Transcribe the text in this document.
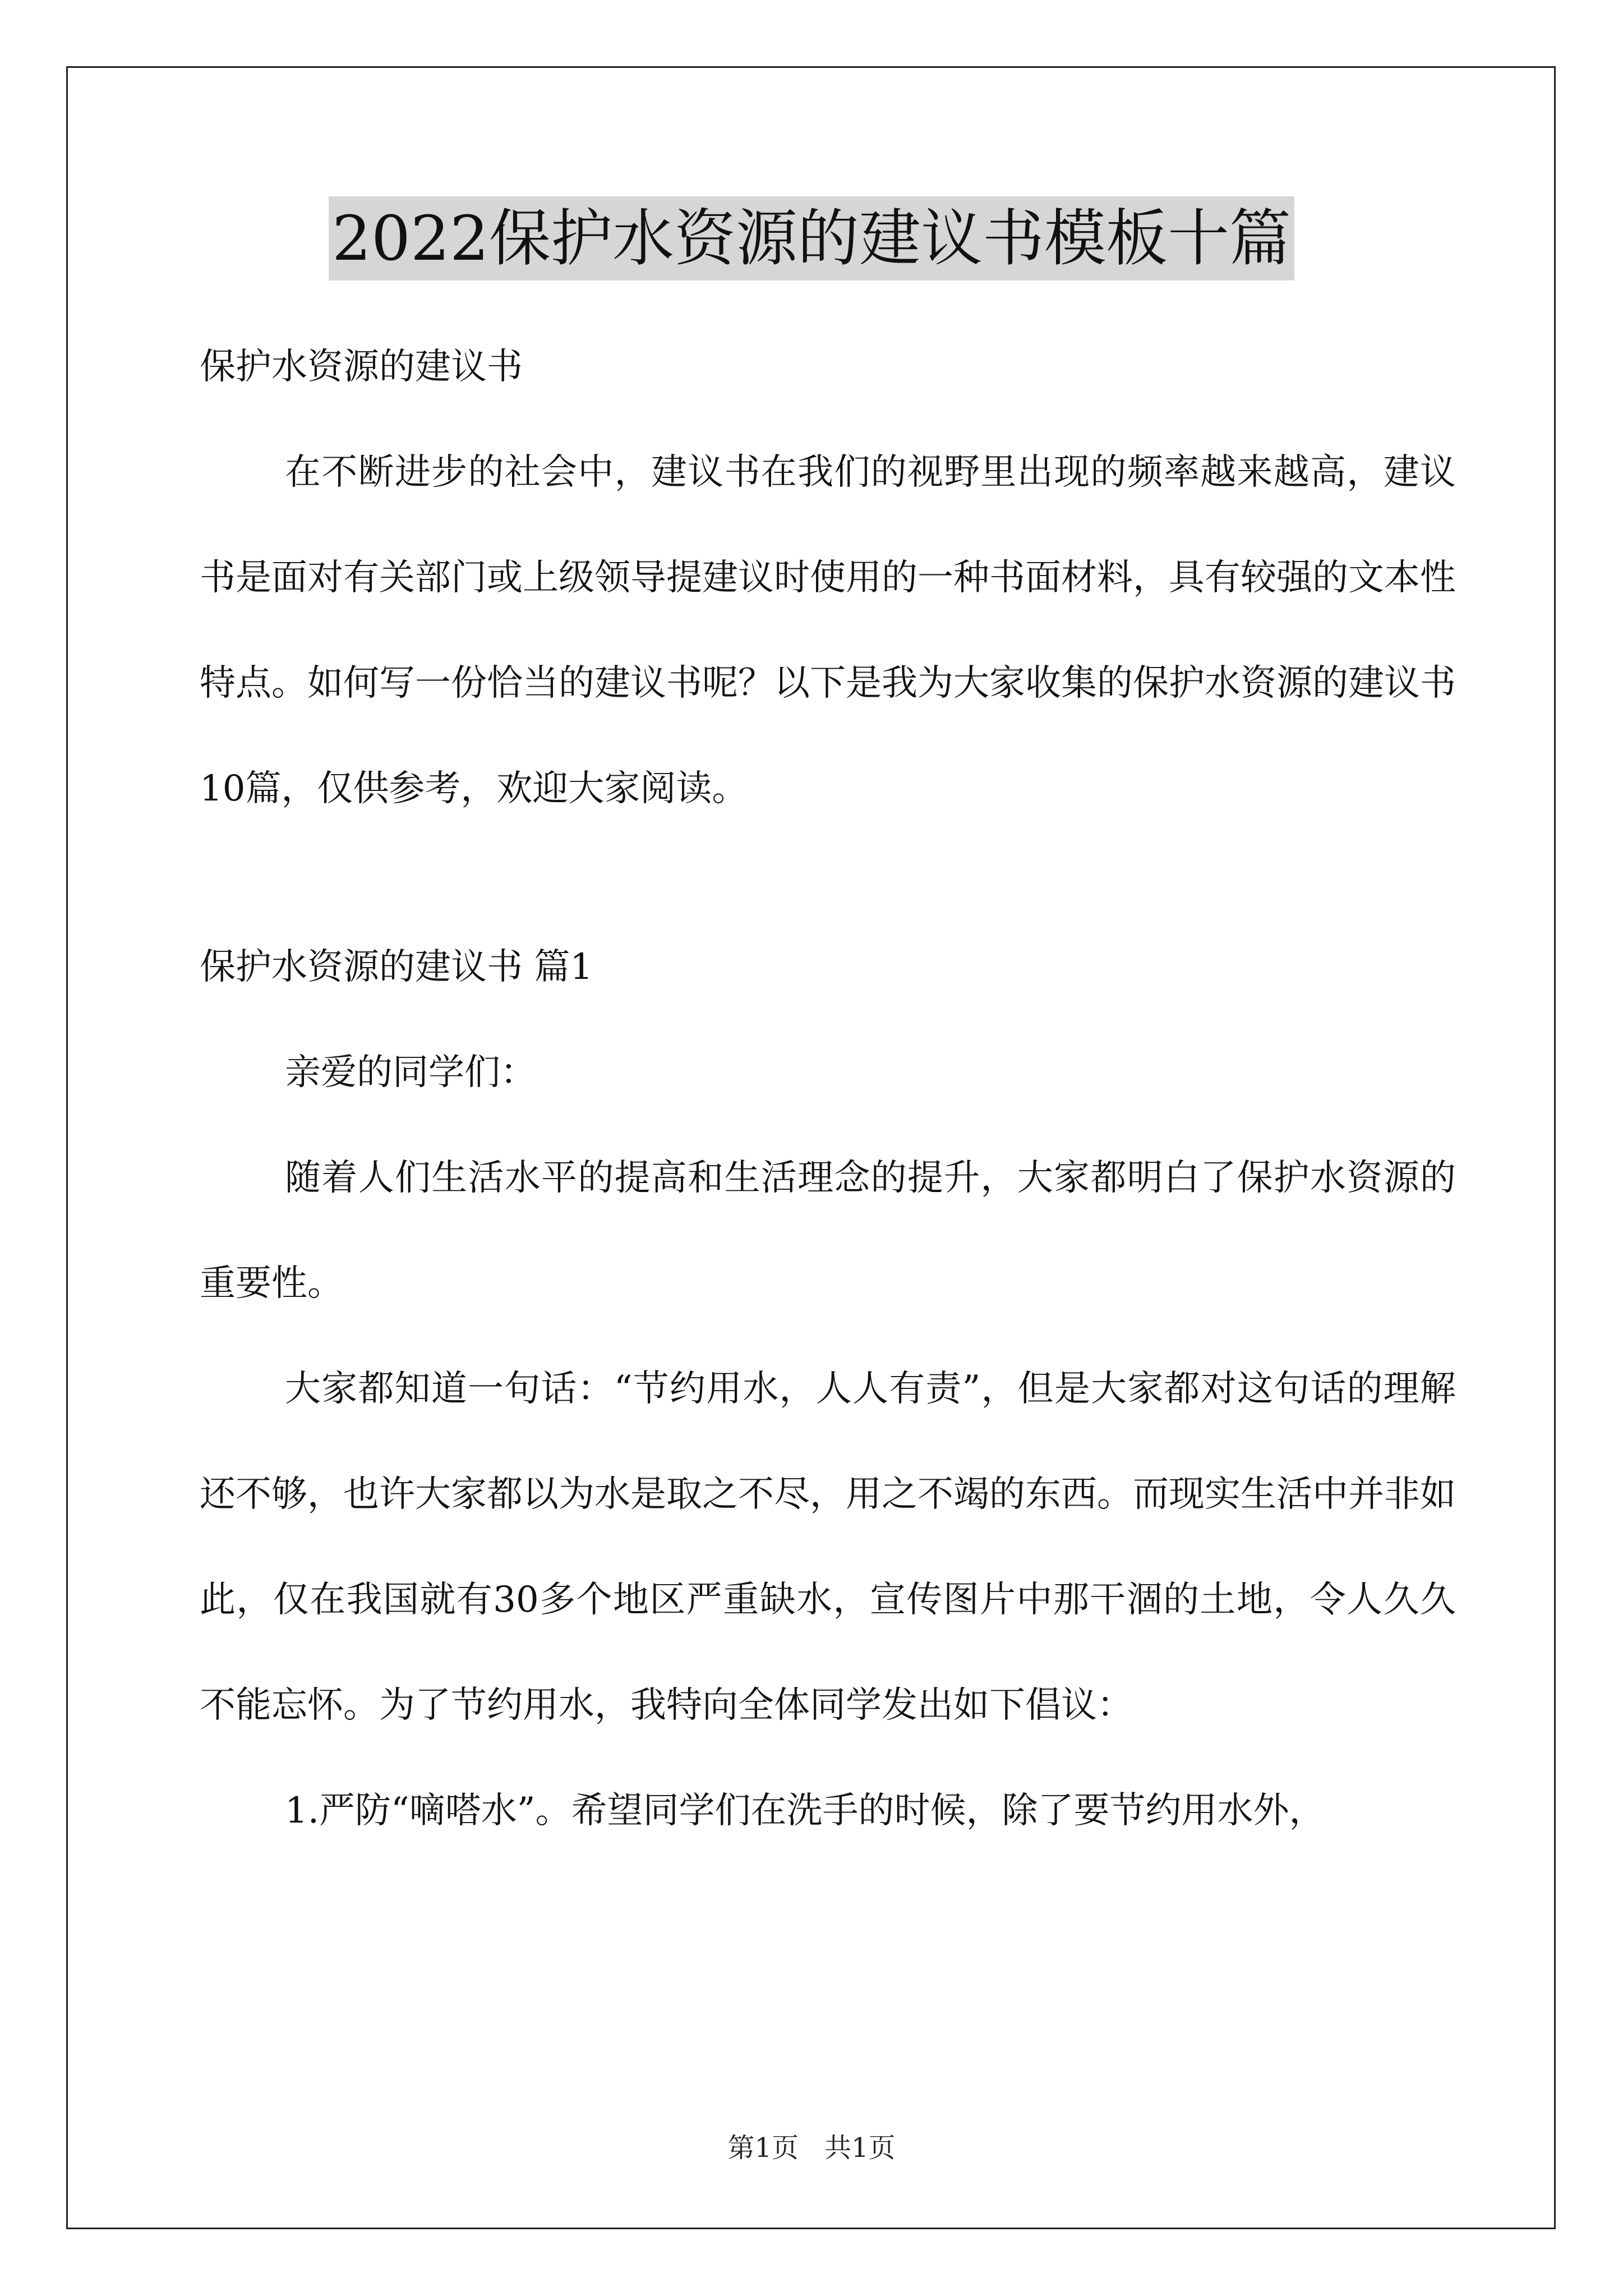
2022保护水资源的建议书模板十篇

保护水资源的建议书

在不断进步的社会中，建议书在我们的视野里出现的频率越来越高，建议书是面对有关部门或上级领导提建议时使用的一种书面材料，具有较强的文本性特点。如何写一份恰当的建议书呢？以下是我为大家收集的保护水资源的建议书10篇，仅供参考，欢迎大家阅读。

保护水资源的建议书 篇1

亲爱的同学们：

随着人们生活水平的提高和生活理念的提升，大家都明白了保护水资源的重要性。

大家都知道一句话：“节约用水，人人有责”，但是大家都对这句话的理解还不够，也许大家都以为水是取之不尽，用之不竭的东西。而现实生活中并非如此，仅在我国就有30多个地区严重缺水，宣传图片中那干涸的土地，令人久久不能忘怀。为了节约用水，我特向全体同学发出如下倡议：

1.严防“嘀嗒水”。希望同学们在洗手的时候，除了要节约用水外，

第1页 共1页
